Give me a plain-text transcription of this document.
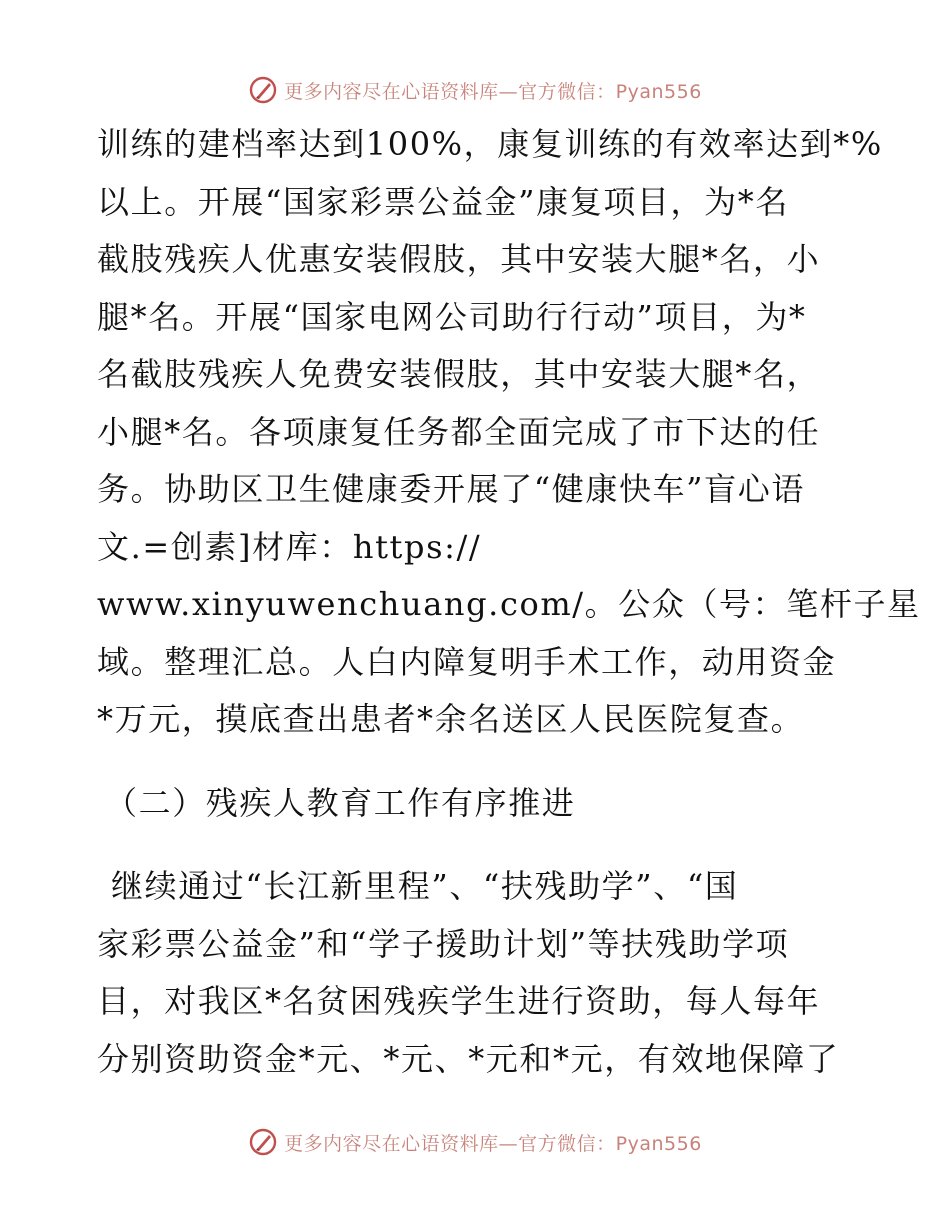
更多内容尽在心语资料库—官方微信：Pyan556
训练的建档率达到100%，康复训练的有效率达到*%
以上。开展“国家彩票公益金”康复项目，为*名
截肢残疾人优惠安装假肢，其中安装大腿*名，小
腿*名。开展“国家电网公司助行行动”项目，为*
名截肢残疾人免费安装假肢，其中安装大腿*名，
小腿*名。各项康复任务都全面完成了市下达的任
务。协助区卫生健康委开展了“健康快车”盲心语
文.=创素]材库：https://
www.xinyuwenchuang.com/。公众（号：笔杆子星
域。整理汇总。人白内障复明手术工作，动用资金
*万元，摸底查出患者*余名送区人民医院复查。
（二）残疾人教育工作有序推进
继续通过“长江新里程”、“扶残助学”、“国
家彩票公益金”和“学子援助计划”等扶残助学项
目，对我区*名贫困残疾学生进行资助，每人每年
分别资助资金*元、*元、*元和*元，有效地保障了
更多内容尽在心语资料库—官方微信：Pyan556
